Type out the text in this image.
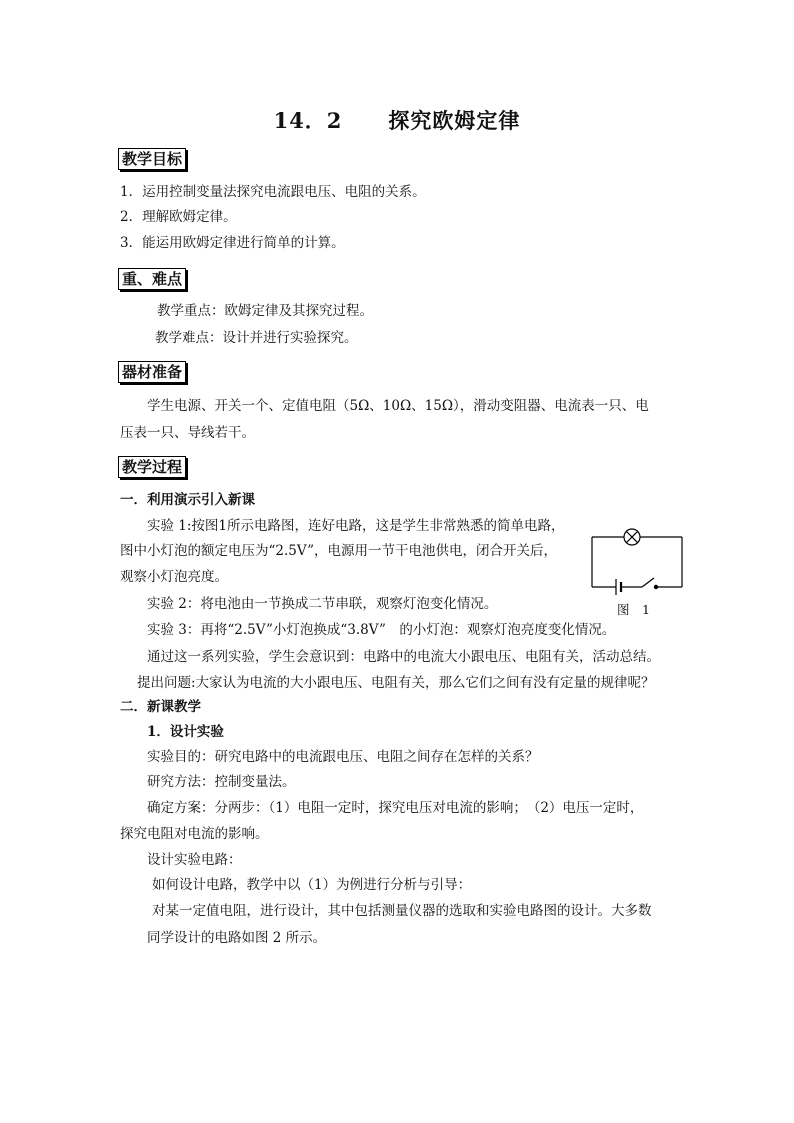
14．2 探究欧姆定律
教学目标
1．运用控制变量法探究电流跟电压、电阻的关系。
2．理解欧姆定律。
3．能运用欧姆定律进行简单的计算。
重、难点
教学重点：欧姆定律及其探究过程。
教学难点：设计并进行实验探究。
器材准备
学生电源、开关一个、定值电阻（5Ω、10Ω、15Ω），滑动变阻器、电流表一只、电
压表一只、导线若干。
教学过程
一．利用演示引入新课
实验 1:按图1所示电路图，连好电路，这是学生非常熟悉的简单电路，
图中小灯泡的额定电压为“2.5V”，电源用一节干电池供电，闭合开关后，
观察小灯泡亮度。
实验 2：将电池由一节换成二节串联，观察灯泡变化情况。
实验 3：再将“2.5V”小灯泡换成“3.8V”　的小灯泡：观察灯泡亮度变化情况。
通过这一系列实验，学生会意识到：电路中的电流大小跟电压、电阻有关，活动总结。
提出问题:大家认为电流的大小跟电压、电阻有关，那么它们之间有没有定量的规律呢？
图　1
二．新课教学
1．设计实验
实验目的：研究电路中的电流跟电压、电阻之间存在怎样的关系？
研究方法：控制变量法。
确定方案：分两步：（1）电阻一定时，探究电压对电流的影响；　（2）电压一定时，
探究电阻对电流的影响。
设计实验电路：
如何设计电路，教学中以（1）为例进行分析与引导：
对某一定值电阻，进行设计，其中包括测量仪器的选取和实验电路图的设计。大多数
同学设计的电路如图 2 所示。
